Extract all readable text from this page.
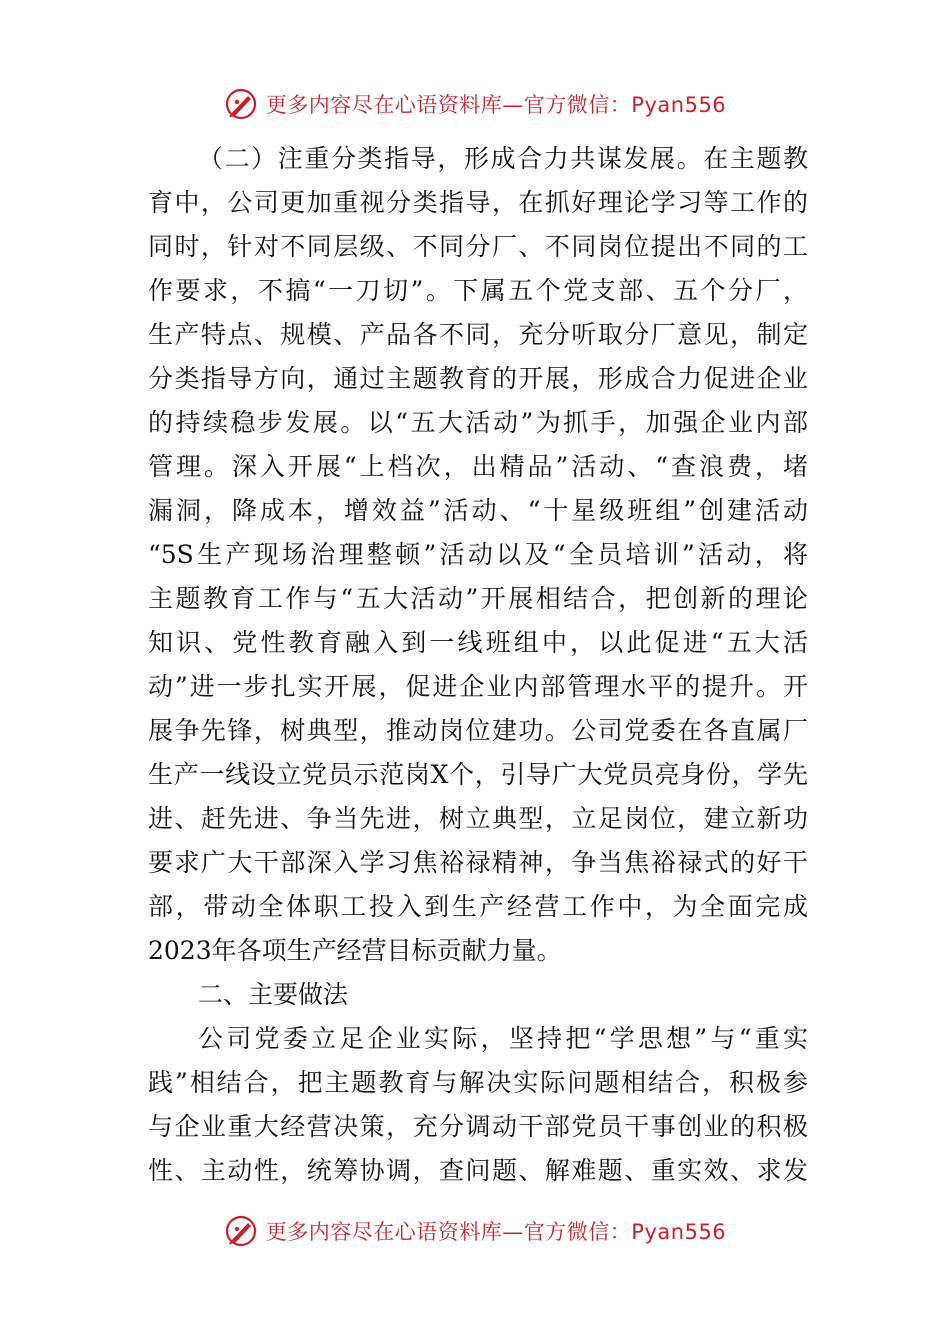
更多内容尽在心语资料库—官方微信：Pyan556
（二）注重分类指导，形成合力共谋发展。在主题教
育中，公司更加重视分类指导，在抓好理论学习等工作的
同时，针对不同层级、不同分厂、不同岗位提出不同的工
作要求，不搞“一刀切”。下属五个党支部、五个分厂，
生产特点、规模、产品各不同，充分听取分厂意见，制定
分类指导方向，通过主题教育的开展，形成合力促进企业
的持续稳步发展。以“五大活动”为抓手，加强企业内部
管理。深入开展“上档次，出精品”活动、“查浪费，堵
漏洞，降成本，增效益”活动、“十星级班组”创建活动
“5S生产现场治理整顿”活动以及“全员培训”活动，将
主题教育工作与“五大活动”开展相结合，把创新的理论
知识、党性教育融入到一线班组中，以此促进“五大活
动”进一步扎实开展，促进企业内部管理水平的提升。开
展争先锋，树典型，推动岗位建功。公司党委在各直属厂
生产一线设立党员示范岗X个，引导广大党员亮身份，学先
进、赶先进、争当先进，树立典型，立足岗位，建立新功
要求广大干部深入学习焦裕禄精神，争当焦裕禄式的好干
部，带动全体职工投入到生产经营工作中，为全面完成
2023年各项生产经营目标贡献力量。
二、主要做法
公司党委立足企业实际，坚持把“学思想”与“重实
践”相结合，把主题教育与解决实际问题相结合，积极参
与企业重大经营决策，充分调动干部党员干事创业的积极
性、主动性，统筹协调，查问题、解难题、重实效、求发
更多内容尽在心语资料库—官方微信：Pyan556
